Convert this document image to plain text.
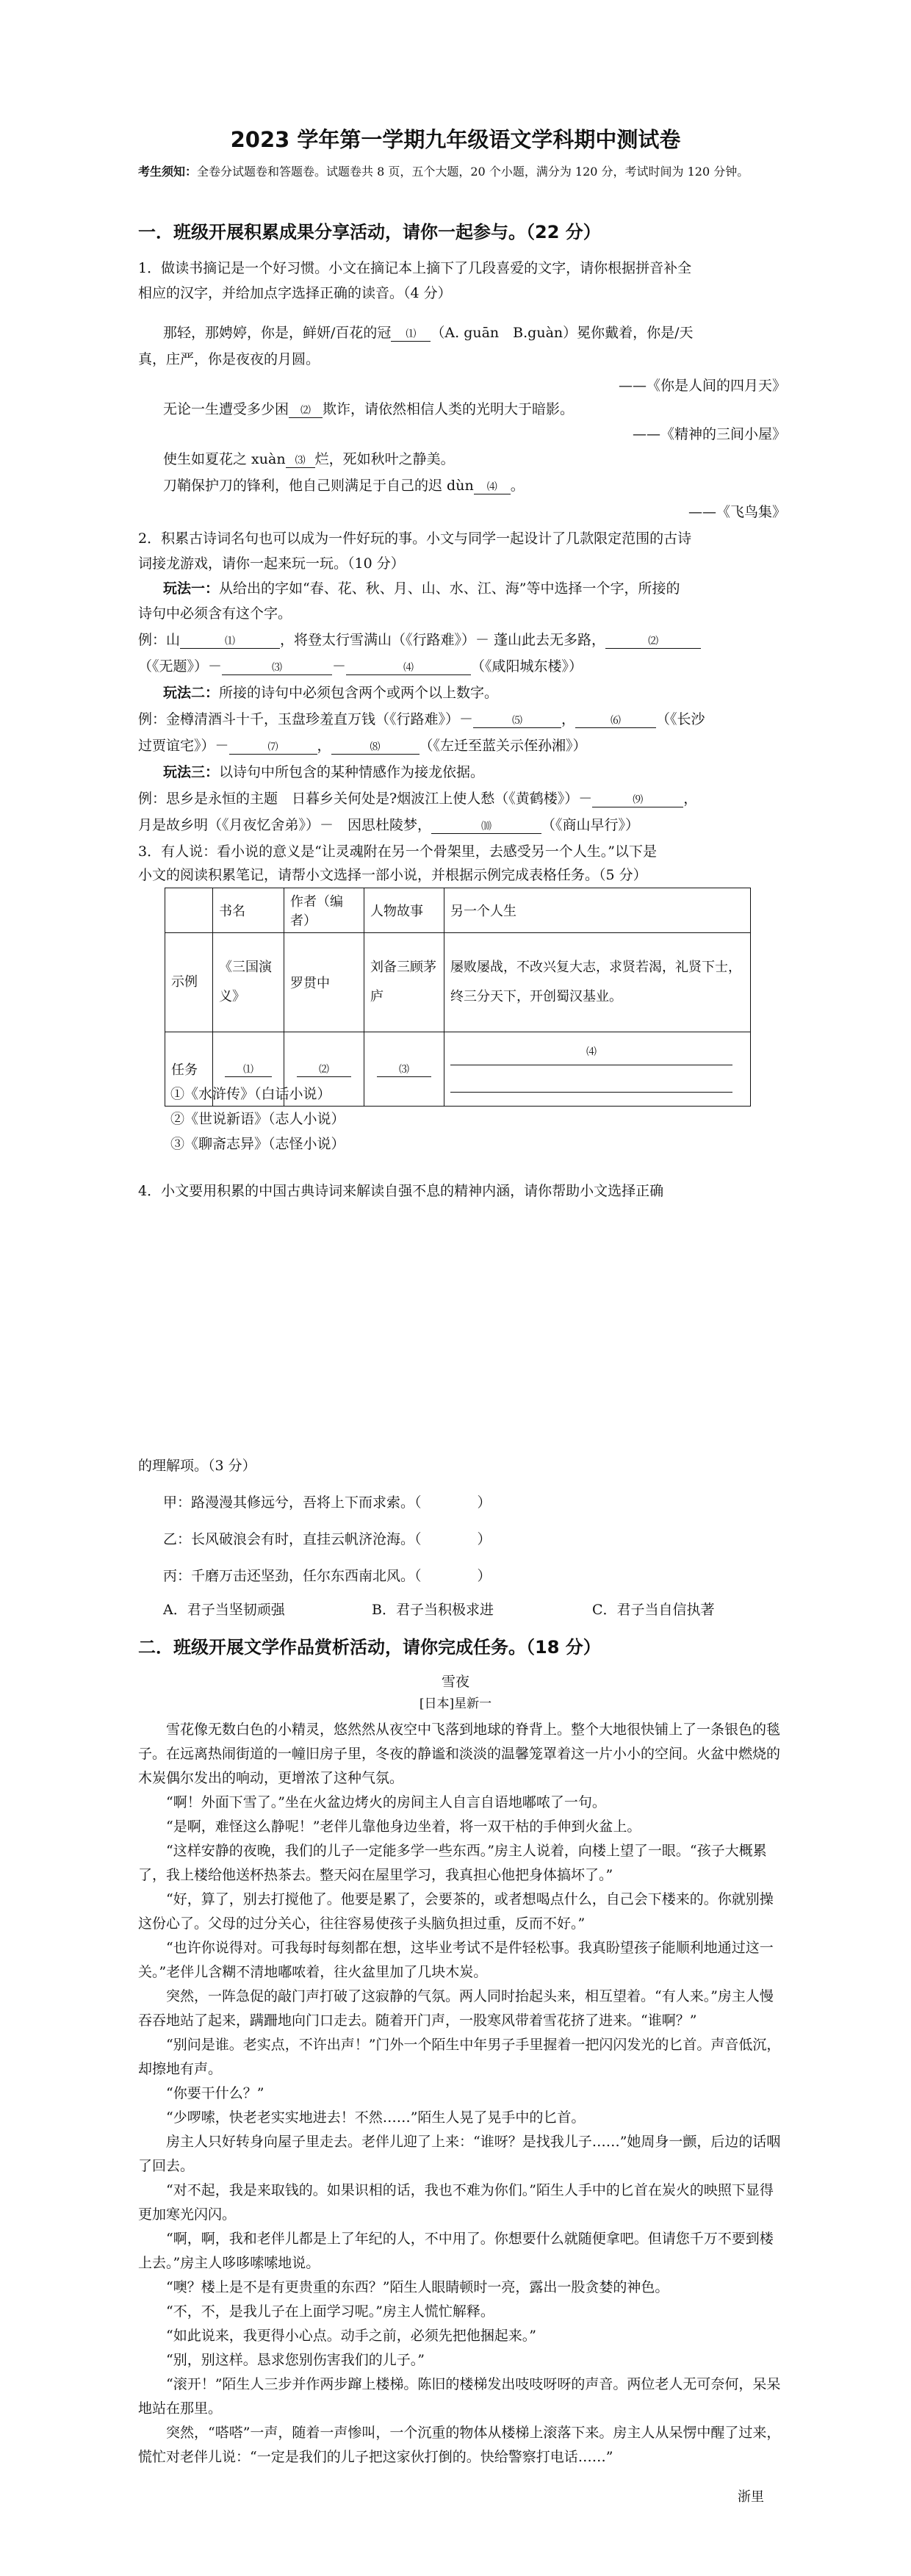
2023 学年第一学期九年级语文学科期中测试卷
考生须知：全卷分试题卷和答题卷。试题卷共 8 页，五个大题，20 个小题，满分为 120 分，考试时间为 120 分钟。
一．班级开展积累成果分享活动，请你一起参与。（22 分）
1．做读书摘记是一个好习惯。小文在摘记本上摘下了几段喜爱的文字，请你根据拼音补全
相应的汉字，并给加点字选择正确的读音。（4 分）
那轻，那娉婷，你是，鲜妍/百花的冠 ⑴ （A. guān　B.guàn）冕你戴着，你是/天
真，庄严，你是夜夜的月圆。
——《你是人间的四月天》
无论一生遭受多少困 ⑵ 欺诈，请依然相信人类的光明大于暗影。
——《精神的三间小屋》
使生如夏花之 xuàn ⑶ 烂，死如秋叶之静美。
刀鞘保护刀的锋利，他自己则满足于自己的迟 dùn ⑷ 。
——《飞鸟集》
2．积累古诗词名句也可以成为一件好玩的事。小文与同学一起设计了几款限定范围的古诗
词接龙游戏，请你一起来玩一玩。（10 分）
玩法一：从给出的字如“春、花、秋、月、山、水、江、海”等中选择一个字，所接的
诗句中必须含有这个字。
例：山	⑴	，将登太行雪满山（《行路难》）－ 蓬山此去无多路，	⑵
（《无题》）－	⑶	－	⑷	（《咸阳城东楼》）
玩法二：所接的诗句中必须包含两个或两个以上数字。
例：金樽清酒斗十千，玉盘珍羞直万钱（《行路难》）－	⑸	，	⑹	（《长沙
过贾谊宅》）－	⑺	，	⑻	（《左迁至蓝关示侄孙湘》）
玩法三：以诗句中所包含的某种情感作为接龙依据。
例：思乡是永恒的主题　日暮乡关何处是?烟波江上使人愁（《黄鹤楼》）－	⑼	，
月是故乡明（《月夜忆舍弟》）－　因思杜陵梦，	⑽	（《商山早行》）
3．有人说：看小说的意义是“让灵魂附在另一个骨架里，去感受另一个人生。”以下是
小文的阅读积累笔记，请帮小文选择一部小说，并根据示例完成表格任务。（5 分）
	书名	作者（编者）	人物故事	另一个人生
示例	《三国演义》	罗贯中	刘备三顾茅庐	屡败屡战，不改兴复大志，求贤若渴，礼贤下士，终三分天下，开创蜀汉基业。
任务	⑴	⑵	⑶	⑷
①《水浒传》（白话小说）
②《世说新语》（志人小说）
③《聊斋志异》（志怪小说）
4．小文要用积累的中国古典诗词来解读自强不息的精神内涵，请你帮助小文选择正确
的理解项。（3 分）
甲：路漫漫其修远兮，吾将上下而求索。（　　　　）
乙：长风破浪会有时，直挂云帆济沧海。（　　　　）
丙：千磨万击还坚劲，任尔东西南北风。（　　　　）
A．君子当坚韧顽强	B．君子当积极求进	C．君子当自信执著
二．班级开展文学作品赏析活动，请你完成任务。（18 分）
雪夜
[日本]星新一
雪花像无数白色的小精灵，悠然然从夜空中飞落到地球的脊背上。整个大地很快铺上了一条银色的毯子。在远离热闹街道的一幢旧房子里，冬夜的静谧和淡淡的温馨笼罩着这一片小小的空间。火盆中燃烧的木炭偶尔发出的响动，更增浓了这种气氛。
“啊！外面下雪了。”坐在火盆边烤火的房间主人自言自语地嘟哝了一句。
“是啊，难怪这么静呢！”老伴儿靠他身边坐着，将一双干枯的手伸到火盆上。
“这样安静的夜晚，我们的儿子一定能多学一些东西。”房主人说着，向楼上望了一眼。“孩子大概累了，我上楼给他送杯热茶去。整天闷在屋里学习，我真担心他把身体搞坏了。”
“好，算了，别去打搅他了。他要是累了，会要茶的，或者想喝点什么，自己会下楼来的。你就别操这份心了。父母的过分关心，往往容易使孩子头脑负担过重，反而不好。”
“也许你说得对。可我每时每刻都在想，这毕业考试不是件轻松事。我真盼望孩子能顺利地通过这一关。”老伴儿含糊不清地嘟哝着，往火盆里加了几块木炭。
突然，一阵急促的敲门声打破了这寂静的气氛。两人同时抬起头来，相互望着。“有人来。”房主人慢吞吞地站了起来，蹒跚地向门口走去。随着开门声，一股寒风带着雪花挤了进来。“谁啊？”
“别问是谁。老实点，不许出声！”门外一个陌生中年男子手里握着一把闪闪发光的匕首。声音低沉，却擦地有声。
“你要干什么？”
“少啰嗦，快老老实实地进去！不然……”陌生人晃了晃手中的匕首。
房主人只好转身向屋子里走去。老伴儿迎了上来：“谁呀？是找我儿子……”她周身一颤，后边的话咽了回去。
“对不起，我是来取钱的。如果识相的话，我也不难为你们。”陌生人手中的匕首在炭火的映照下显得更加寒光闪闪。
“啊，啊，我和老伴儿都是上了年纪的人，不中用了。你想要什么就随便拿吧。但请您千万不要到楼上去。”房主人哆哆嗦嗦地说。
“噢？楼上是不是有更贵重的东西？”陌生人眼睛顿时一亮，露出一股贪婪的神色。
“不，不，是我儿子在上面学习呢。”房主人慌忙解释。
“如此说来，我更得小心点。动手之前，必须先把他捆起来。”
“别，别这样。恳求您别伤害我们的儿子。”
“滚开！”陌生人三步并作两步蹿上楼梯。陈旧的楼梯发出吱吱呀呀的声音。两位老人无可奈何，呆呆地站在那里。
突然，“嗒嗒”一声，随着一声惨叫，一个沉重的物体从楼梯上滚落下来。房主人从呆愣中醒了过来，慌忙对老伴儿说：“一定是我们的儿子把这家伙打倒的。快给警察打电话……”
浙里
